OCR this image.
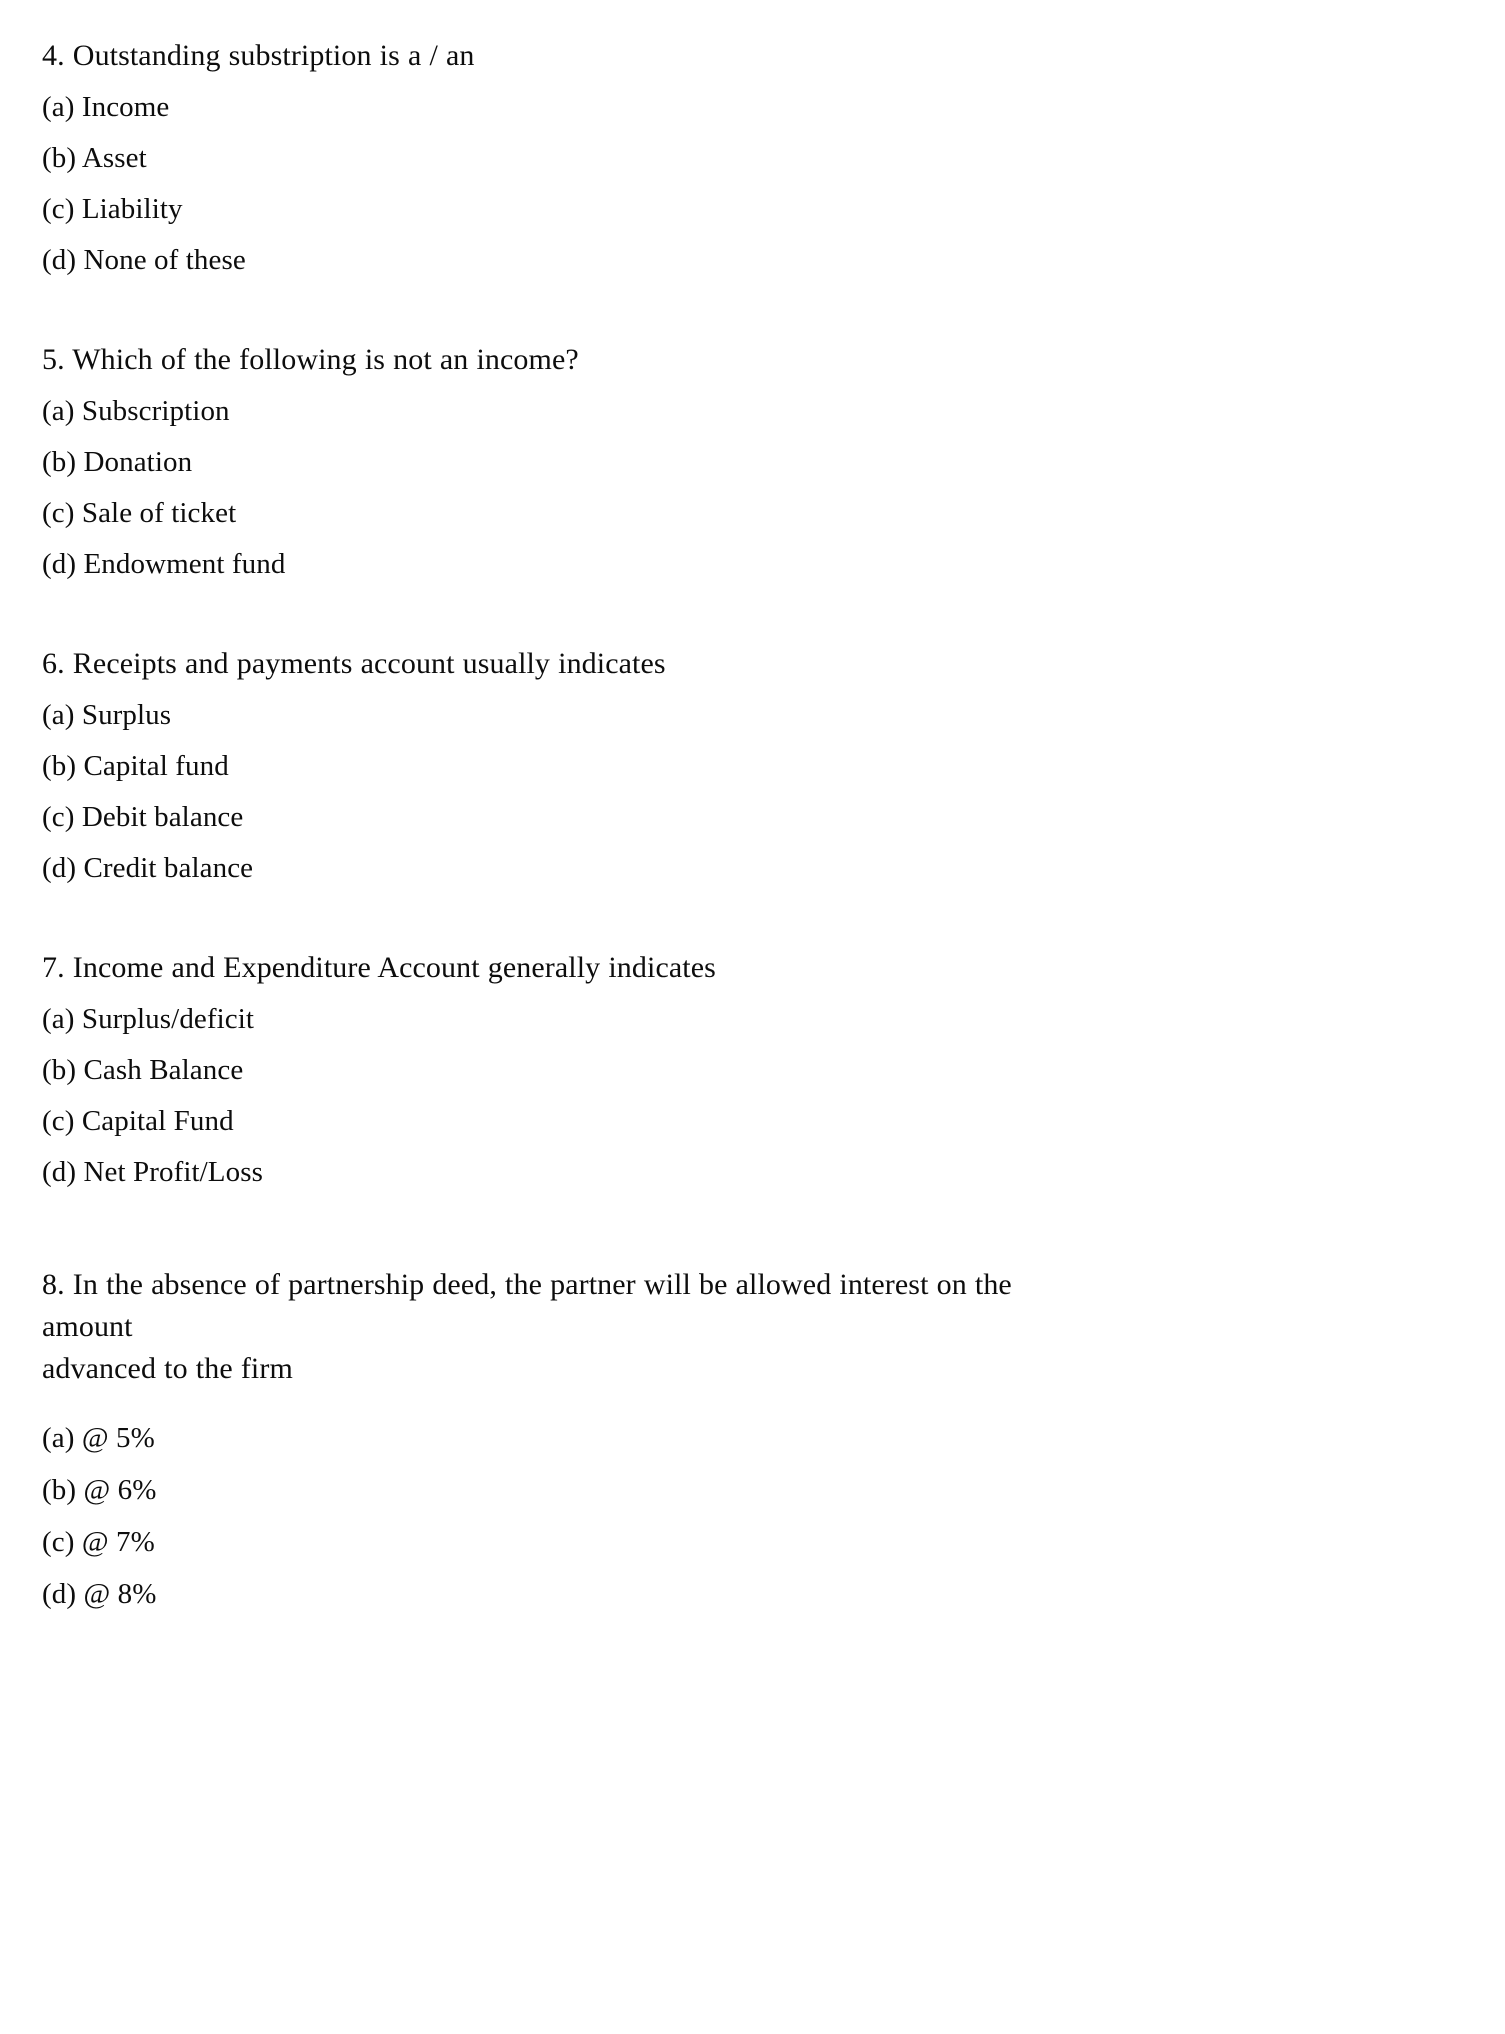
4. Outstanding substription is a / an

(a) Income
(b) Asset
(c) Liability
(d) None of these

5. Which of the following is not an income?

(a) Subscription
(b) Donation
(c) Sale of ticket
(d) Endowment fund

6. Receipts and payments account usually indicates

(a) Surplus
(b) Capital fund
(c) Debit balance
(d) Credit balance

7. Income and Expenditure Account generally indicates

(a) Surplus/deficit
(b) Cash Balance
(c) Capital Fund
(d) Net Profit/Loss

8. In the absence of partnership deed, the partner will be allowed interest on the amount
advanced to the firm

(a) @ 5%
(b) @ 6%
(c) @ 7%
(d) @ 8%
